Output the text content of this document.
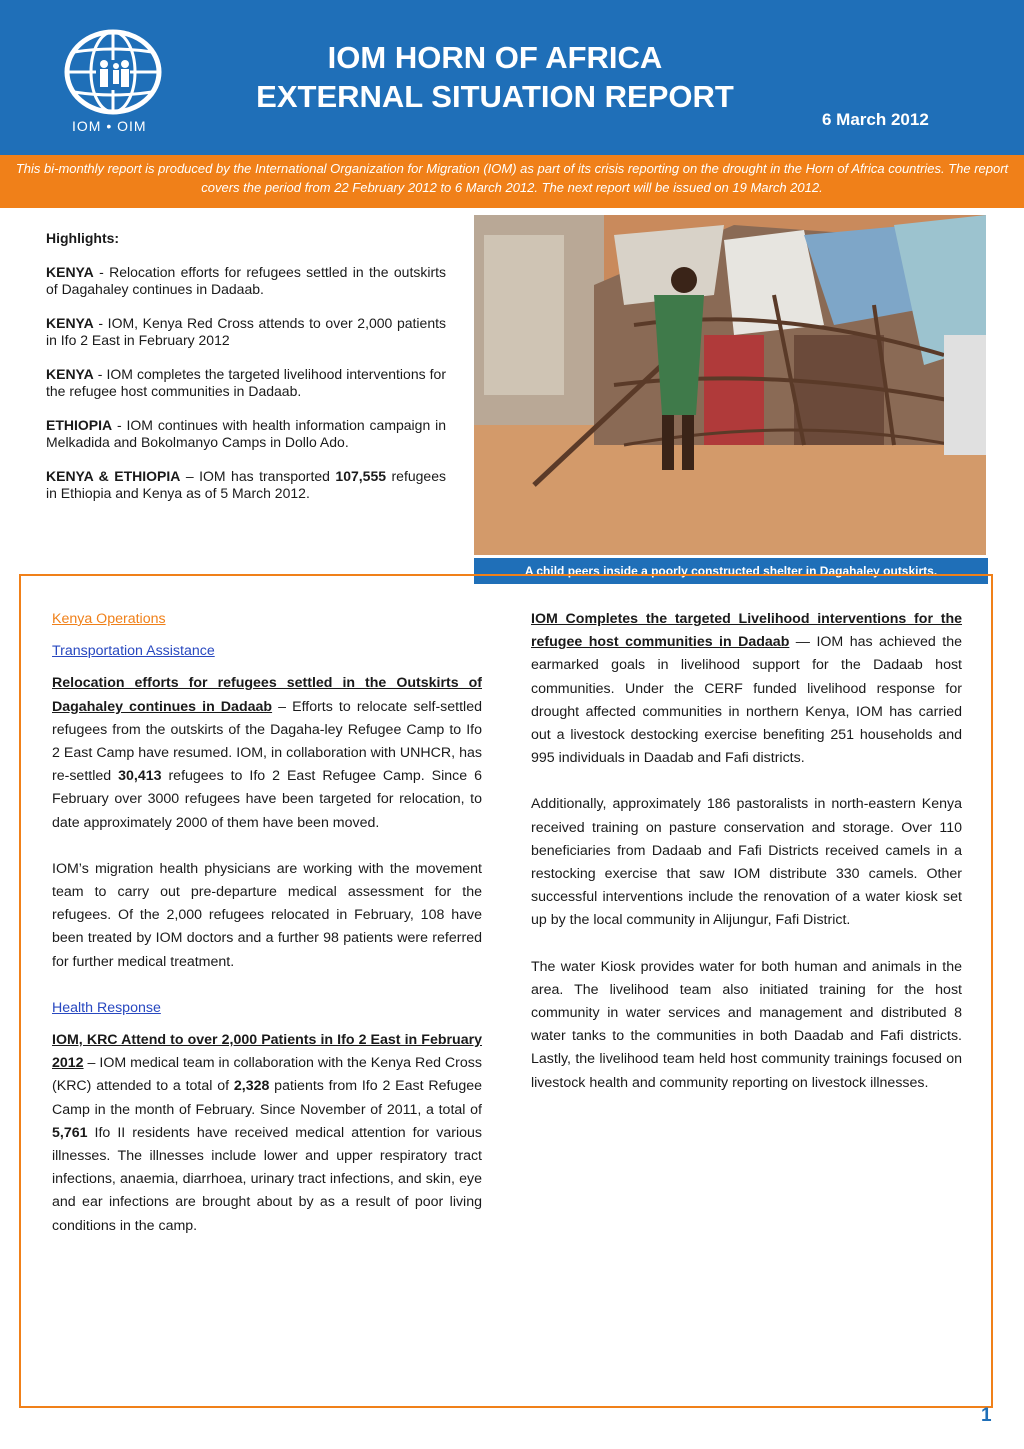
IOM • OIM
IOM HORN OF AFRICA
EXTERNAL SITUATION REPORT
6 March 2012
This bi-monthly report is produced by the International Organization for Migration (IOM) as part of its crisis reporting on the drought in the Horn of Africa countries. The report covers the period from 22 February 2012 to 6 March 2012. The next report will be issued on 19 March 2012.
Highlights:

KENYA - Relocation efforts for refugees settled in the outskirts of Dagahaley continues in Dadaab.

KENYA - IOM, Kenya Red Cross attends to over 2,000 patients in Ifo 2 East in February 2012

KENYA - IOM completes the targeted livelihood interventions for the refugee host communities in Dadaab.

ETHIOPIA - IOM continues with health information campaign in Melkadida and Bokolmanyo Camps in Dollo Ado.

KENYA & ETHIOPIA – IOM has transported 107,555 refugees in Ethiopia and Kenya as of 5 March 2012.

A child peers inside a poorly constructed shelter in Dagahaley outskirts.
Kenya Operations
Transportation Assistance

Relocation efforts for refugees settled in the Outskirts of Dagahaley continues in Dadaab – Efforts to relocate self-settled refugees from the outskirts of the Dagaha-ley Refugee Camp to Ifo 2 East Camp have resumed. IOM, in collaboration with UNHCR, has re-settled 30,413 refugees to Ifo 2 East Refugee Camp. Since 6 February over 3000 refugees have been targeted for relocation, to date approximately 2000 of them have been moved.

IOM’s migration health physicians are working with the movement team to carry out pre-departure medical assessment for the refugees. Of the 2,000 refugees relocated in February, 108 have been treated by IOM doctors and a further 98 patients were referred for further medical treatment.

Health Response

IOM, KRC Attend to over 2,000 Patients in Ifo 2 East in February 2012 – IOM medical team in collaboration with the Kenya Red Cross (KRC) attended to a total of 2,328 patients from Ifo 2 East Refugee Camp in the month of February. Since November of 2011, a total of 5,761 Ifo II residents have received medical attention for various illnesses. The illnesses include lower and upper respiratory tract infections, anaemia, diarrhoea, urinary tract infections, and skin, eye and ear infections are brought about by as a result of poor living conditions in the camp.

IOM Completes the targeted Livelihood interventions for the refugee host communities in Dadaab — IOM has achieved the earmarked goals in livelihood support for the Dadaab host communities. Under the CERF funded livelihood response for drought affected communities in northern Kenya, IOM has carried out a livestock destocking exercise benefiting 251 households and 995 individuals in Daadab and Fafi districts.

Additionally, approximately 186 pastoralists in north-eastern Kenya received training on pasture conservation and storage. Over 110 beneficiaries from Dadaab and Fafi Districts received camels in a restocking exercise that saw IOM distribute 330 camels. Other successful interventions include the renovation of a water kiosk set up by the local community in Alijungur, Fafi District.

The water Kiosk provides water for both human and animals in the area. The livelihood team also initiated training for the host community in water services and management and distributed 8 water tanks to the communities in both Daadab and Fafi districts. Lastly, the livelihood team held host community trainings focused on livestock health and community reporting on livestock illnesses.

1
